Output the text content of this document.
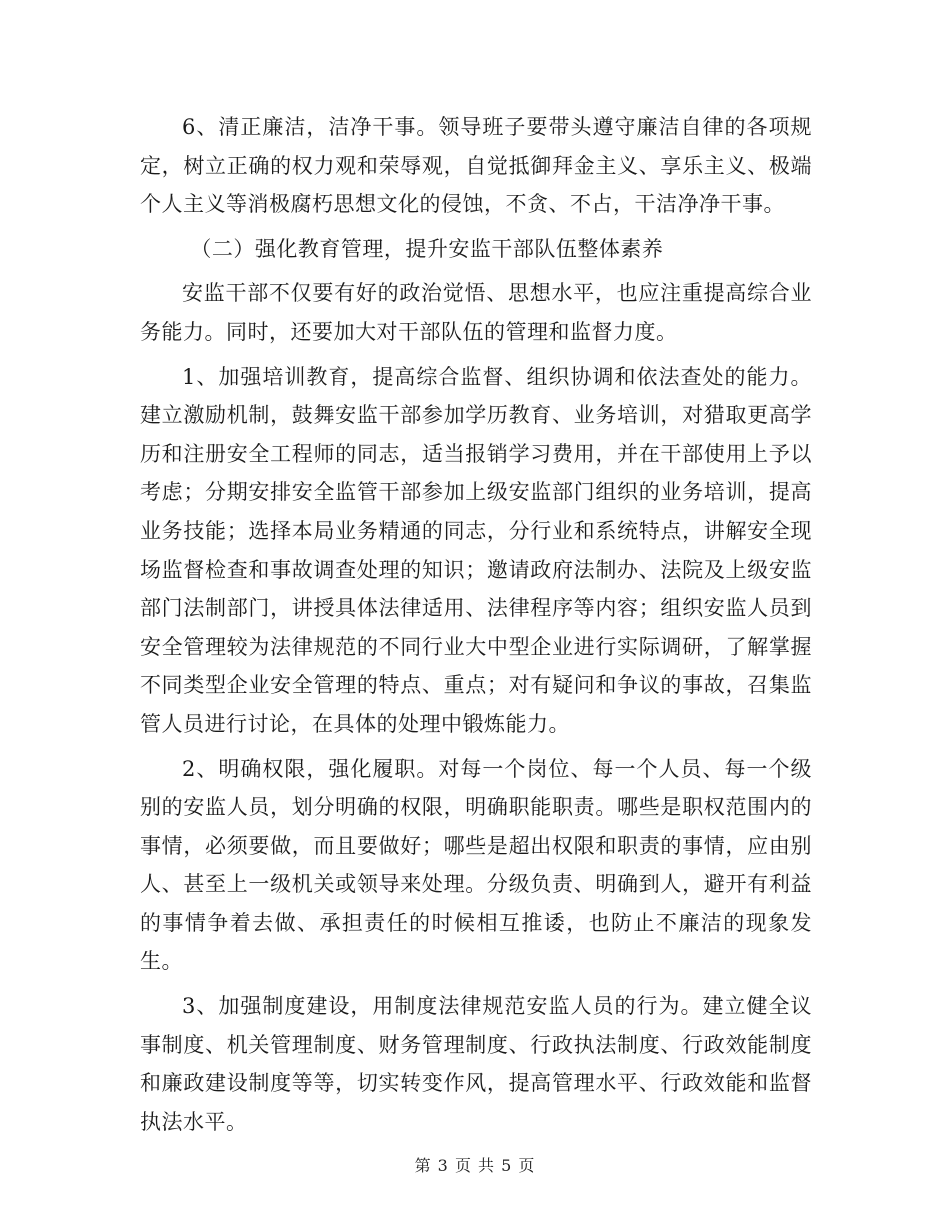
6、清正廉洁，洁净干事。领导班子要带头遵守廉洁自律的各项规定，树立正确的权力观和荣辱观，自觉抵御拜金主义、享乐主义、极端个人主义等消极腐朽思想文化的侵蚀，不贪、不占，干洁净净干事。

（二）强化教育管理，提升安监干部队伍整体素养

安监干部不仅要有好的政治觉悟、思想水平，也应注重提高综合业务能力。同时，还要加大对干部队伍的管理和监督力度。

1、加强培训教育，提高综合监督、组织协调和依法查处的能力。建立激励机制，鼓舞安监干部参加学历教育、业务培训，对猎取更高学历和注册安全工程师的同志，适当报销学习费用，并在干部使用上予以考虑；分期安排安全监管干部参加上级安监部门组织的业务培训，提高业务技能；选择本局业务精通的同志，分行业和系统特点，讲解安全现场监督检查和事故调查处理的知识；邀请政府法制办、法院及上级安监部门法制部门，讲授具体法律适用、法律程序等内容；组织安监人员到安全管理较为法律规范的不同行业大中型企业进行实际调研，了解掌握不同类型企业安全管理的特点、重点；对有疑问和争议的事故，召集监管人员进行讨论，在具体的处理中锻炼能力。

2、明确权限，强化履职。对每一个岗位、每一个人员、每一个级别的安监人员，划分明确的权限，明确职能职责。哪些是职权范围内的事情，必须要做，而且要做好；哪些是超出权限和职责的事情，应由别人、甚至上一级机关或领导来处理。分级负责、明确到人，避开有利益的事情争着去做、承担责任的时候相互推诿，也防止不廉洁的现象发生。

3、加强制度建设，用制度法律规范安监人员的行为。建立健全议事制度、机关管理制度、财务管理制度、行政执法制度、行政效能制度和廉政建设制度等等，切实转变作风，提高管理水平、行政效能和监督执法水平。

第 3 页 共 5 页
